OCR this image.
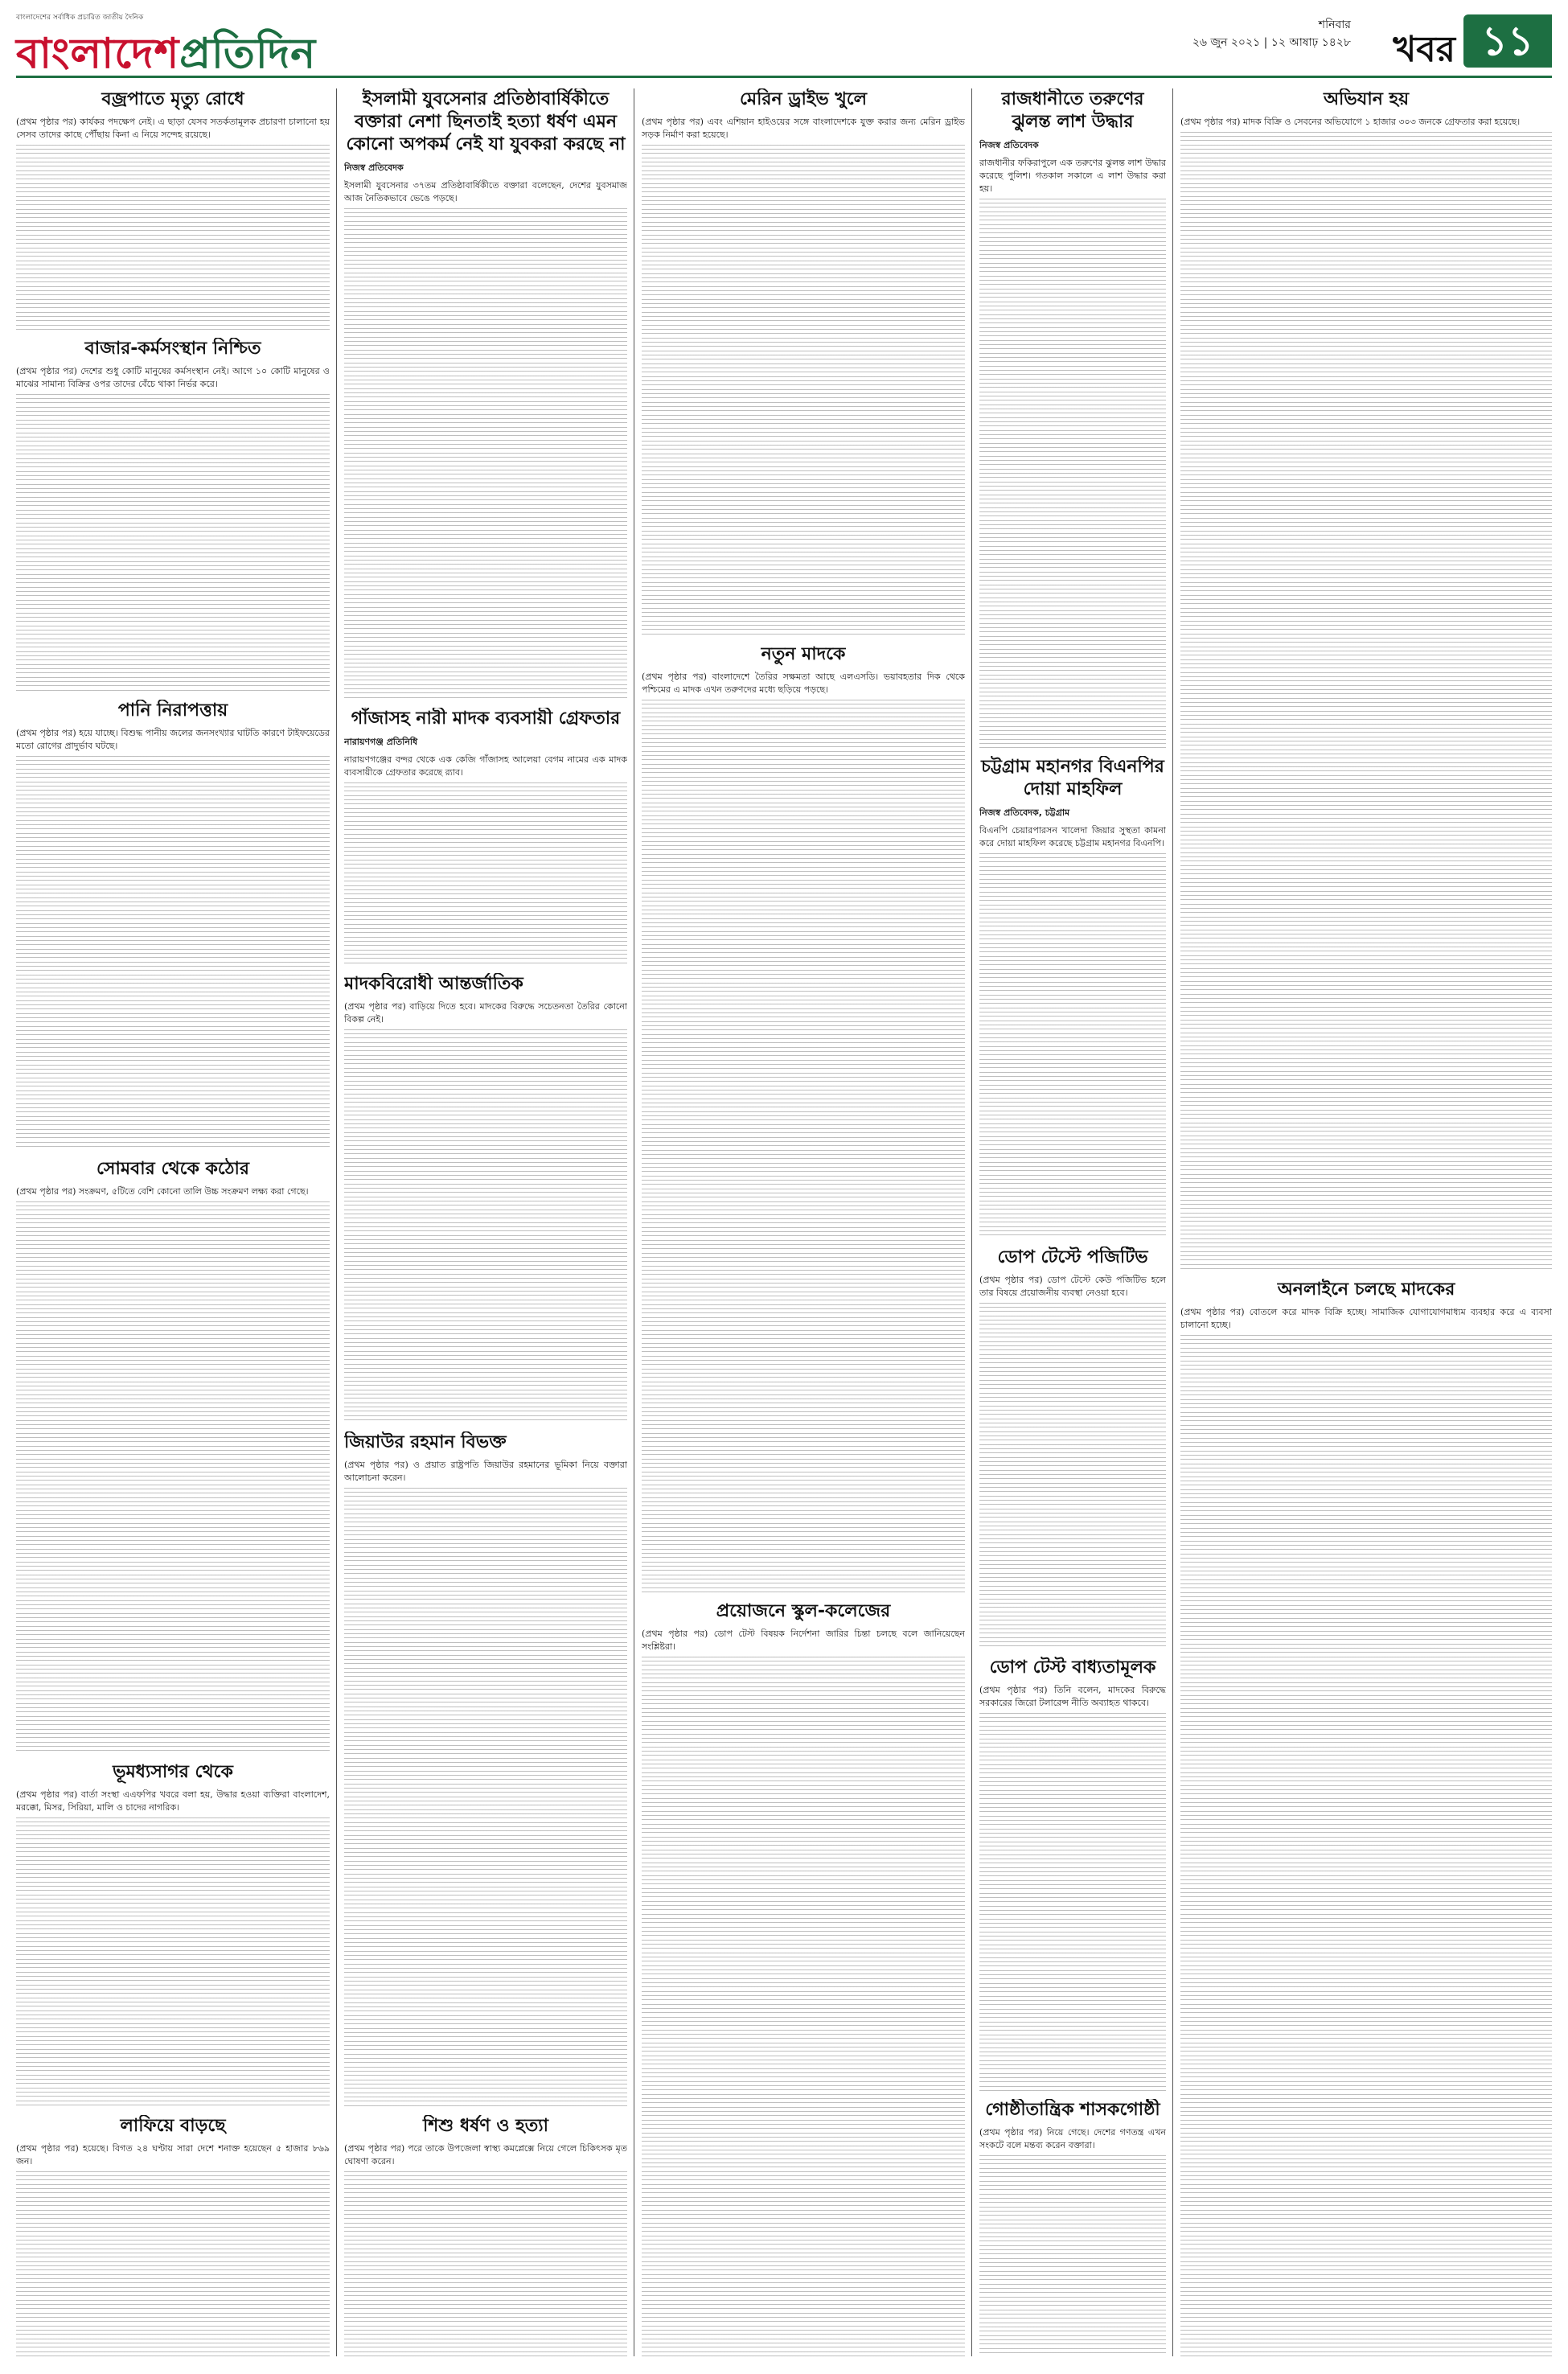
বাংলাদেশের সর্বাধিক প্রচারিত জাতীয় দৈনিক
বাংলাদেশপ্রতিদিন
শনিবার
২৬ জুন ২০২১ | ১২ আষাঢ় ১৪২৮ খবর ১১
বজ্রপাতে মৃত্যু রোধে

(প্রথম পৃষ্ঠার পর) কার্যকর পদক্ষেপ নেই। এ ছাড়া যেসব সতর্কতামূলক প্রচারণা চালানো হয় সেসব তাদের কাছে পৌঁছায় কিনা এ নিয়ে সন্দেহ রয়েছে।

বাজার-কর্মসংস্থান নিশ্চিত

(প্রথম পৃষ্ঠার পর) দেশের শুধু কোটি মানুষের কর্মসংস্থান নেই। আগে ১০ কোটি মানুষের ও মাঝের সামান্য বিক্রির ওপর তাদের বেঁচে থাকা নির্ভর করে।

পানি নিরাপত্তায়

(প্রথম পৃষ্ঠার পর) হয়ে যাচ্ছে। বিশুদ্ধ পানীয় জলের জনসংখ্যার ঘাটতি কারণে টাইফয়েডের মতো রোগের প্রাদুর্ভাব ঘটছে।

সোমবার থেকে কঠোর

(প্রথম পৃষ্ঠার পর) সংক্রমণ, ৫টিতে বেশি কোনো তালি উচ্চ সংক্রমণ লক্ষ্য করা গেছে।

ভূমধ্যসাগর থেকে

(প্রথম পৃষ্ঠার পর) বার্তা সংস্থা এএফপির খবরে বলা হয়, উদ্ধার হওয়া ব্যক্তিরা বাংলাদেশ, মরক্কো, মিসর, সিরিয়া, মালি ও চাদের নাগরিক।

লাফিয়ে বাড়ছে

(প্রথম পৃষ্ঠার পর) হয়েছে। বিগত ২৪ ঘণ্টায় সারা দেশে শনাক্ত হয়েছেন ৫ হাজার ৮৬৯ জন।

ইসলামী যুবসেনার প্রতিষ্ঠাবার্ষিকীতে বক্তারা নেশা ছিনতাই হত্যা ধর্ষণ এমন কোনো অপকর্ম নেই যা যুবকরা করছে না

নিজস্ব প্রতিবেদক

ইসলামী যুবসেনার ৩৭তম প্রতিষ্ঠাবার্ষিকীতে বক্তারা বলেছেন, দেশের যুবসমাজ আজ নৈতিকভাবে ভেঙে পড়ছে।

গাঁজাসহ নারী মাদক ব্যবসায়ী গ্রেফতার

নারায়ণগঞ্জ প্রতিনিধি

নারায়ণগঞ্জের বন্দর থেকে এক কেজি গাঁজাসহ আলেয়া বেগম নামের এক মাদক ব্যবসায়ীকে গ্রেফতার করেছে র‌্যাব।

মাদকবিরোধী আন্তর্জাতিক

(প্রথম পৃষ্ঠার পর) বাড়িয়ে দিতে হবে। মাদকের বিরুদ্ধে সচেতনতা তৈরির কোনো বিকল্প নেই।

জিয়াউর রহমান বিভক্ত

(প্রথম পৃষ্ঠার পর) ও প্রয়াত রাষ্ট্রপতি জিয়াউর রহমানের ভূমিকা নিয়ে বক্তারা আলোচনা করেন।

শিশু ধর্ষণ ও হত্যা

(প্রথম পৃষ্ঠার পর) পরে তাকে উপজেলা স্বাস্থ্য কমপ্লেক্সে নিয়ে গেলে চিকিৎসক মৃত ঘোষণা করেন।

মেরিন ড্রাইভ খুলে

(প্রথম পৃষ্ঠার পর) এবং এশিয়ান হাইওয়ের সঙ্গে বাংলাদেশকে যুক্ত করার জন্য মেরিন ড্রাইভ সড়ক নির্মাণ করা হয়েছে।

নতুন মাদকে

(প্রথম পৃষ্ঠার পর) বাংলাদেশে তৈরির সক্ষমতা আছে এলএসডি। ভয়াবহতার দিক থেকে পশ্চিমের এ মাদক এখন তরুণদের মধ্যে ছড়িয়ে পড়ছে।

প্রয়োজনে স্কুল-কলেজের

(প্রথম পৃষ্ঠার পর) ডোপ টেস্ট বিষয়ক নির্দেশনা জারির চিন্তা চলছে বলে জানিয়েছেন সংশ্লিষ্টরা।

রাজধানীতে তরুণের ঝুলন্ত লাশ উদ্ধার

নিজস্ব প্রতিবেদক

রাজধানীর ফকিরাপুলে এক তরুণের ঝুলন্ত লাশ উদ্ধার করেছে পুলিশ। গতকাল সকালে এ লাশ উদ্ধার করা হয়।

চট্টগ্রাম মহানগর বিএনপির দোয়া মাহফিল

নিজস্ব প্রতিবেদক, চট্টগ্রাম

বিএনপি চেয়ারপারসন খালেদা জিয়ার সুস্থতা কামনা করে দোয়া মাহফিল করেছে চট্টগ্রাম মহানগর বিএনপি।

ডোপ টেস্টে পজিটিভ

(প্রথম পৃষ্ঠার পর) ডোপ টেস্টে কেউ পজিটিভ হলে তার বিষয়ে প্রয়োজনীয় ব্যবস্থা নেওয়া হবে।

ডোপ টেস্ট বাধ্যতামূলক

(প্রথম পৃষ্ঠার পর) তিনি বলেন, মাদকের বিরুদ্ধে সরকারের জিরো টলারেন্স নীতি অব্যাহত থাকবে।

গোষ্ঠীতান্ত্রিক শাসকগোষ্ঠী

(প্রথম পৃষ্ঠার পর) নিয়ে গেছে। দেশের গণতন্ত্র এখন সংকটে বলে মন্তব্য করেন বক্তারা।

অভিযান হয়

(প্রথম পৃষ্ঠার পর) মাদক বিক্রি ও সেবনের অভিযোগে ১ হাজার ৩০৩ জনকে গ্রেফতার করা হয়েছে।

অনলাইনে চলছে মাদকের

(প্রথম পৃষ্ঠার পর) বোতলে করে মাদক বিক্রি হচ্ছে। সামাজিক যোগাযোগমাধ্যম ব্যবহার করে এ ব্যবসা চালানো হচ্ছে।
